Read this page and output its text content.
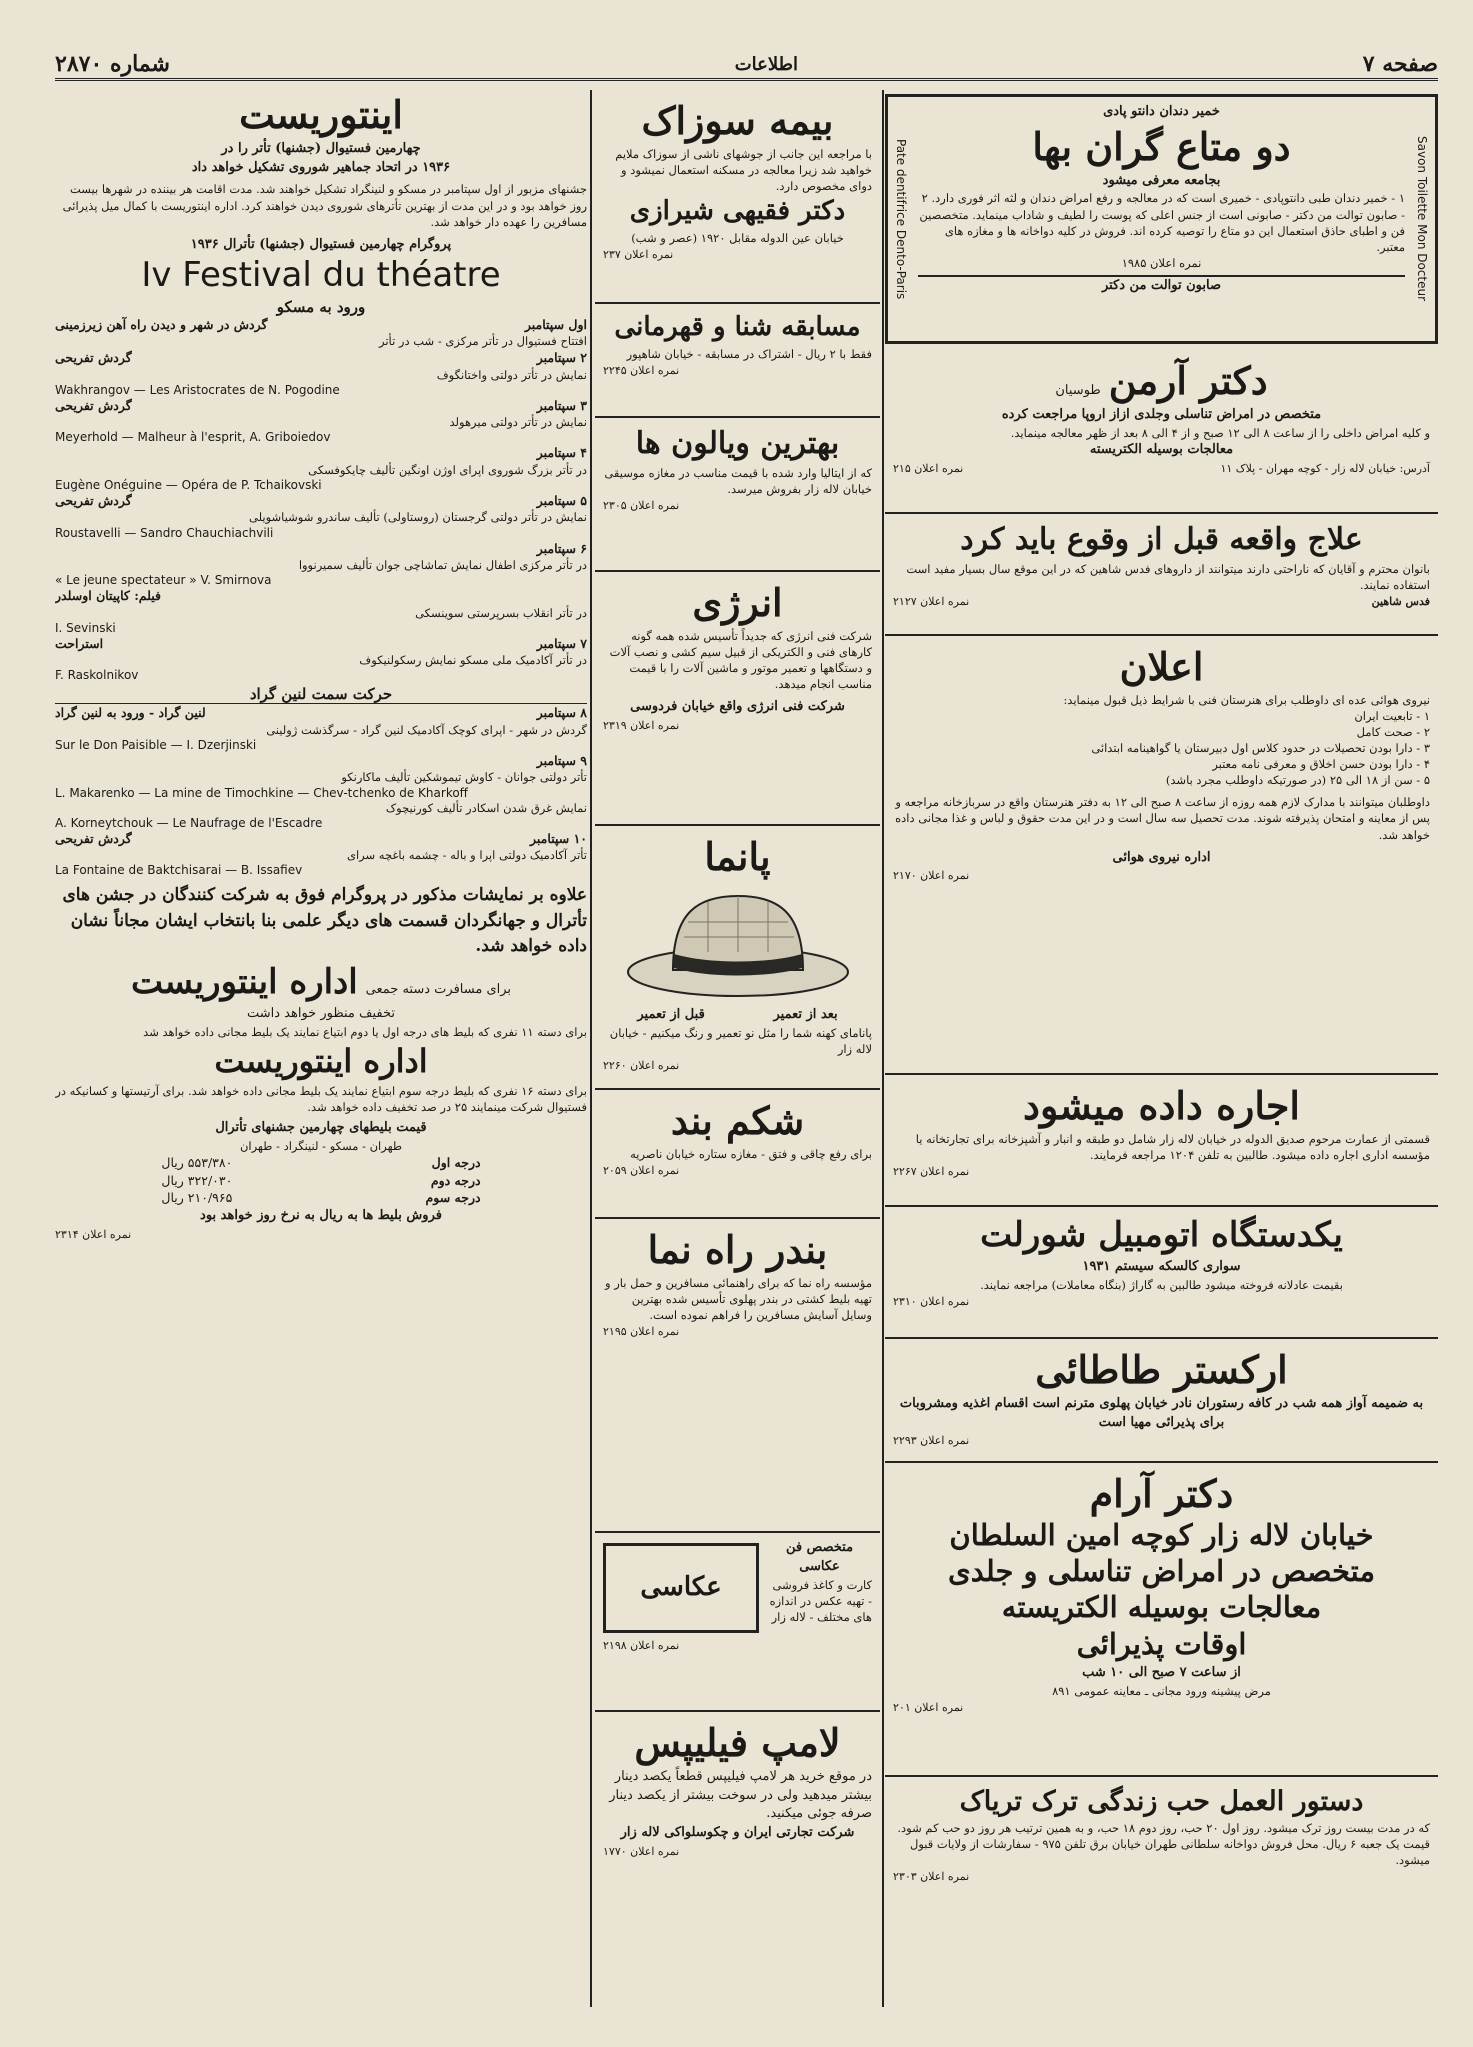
صفحه ۷
اطلاعات
شماره ۲۸۷۰
Savon Toilette Mon Docteur
Pate dentifrice Dento-Paris
خمیر دندان دانتو پادی
دو متاع گران بها
بجامعه معرفی میشود
۱ - خمیر دندان طبی دانتوپادی - خمیری است که در معالجه و رفع امراض دندان و لثه اثر فوری دارد. ۲ - صابون توالت من دکتر - صابونی است از جنس اعلی که پوست را لطیف و شاداب مینماید. متخصصین فن و اطبای حاذق استعمال این دو متاع را توصیه کرده اند. فروش در کلیه دواخانه ها و مغازه های معتبر.
نمره اعلان ۱۹۸۵
صابون توالت من دکتر
دکتر آرمن
طوسیان
متخصص در امراض تناسلی وجلدی ازاز اروپا مراجعت کرده
و کلیه امراض داخلی را از ساعت ۸ الی ۱۲ صبح و از ۴ الی ۸ بعد از ظهر معالجه مینماید.
معالجات بوسیله الکتریسته
آدرس: خیابان لاله زار - کوچه مهران - پلاک ۱۱
نمره اعلان ۲۱۵
علاج واقعه قبل از وقوع باید کرد
بانوان محترم و آقایان که ناراحتی دارند میتوانند از داروهای فدس شاهین که در این موقع سال بسیار مفید است استفاده نمایند.
فدس شاهین
نمره اعلان ۲۱۲۷
اعلان
نیروی هوائی عده ای داوطلب برای هنرستان فنی با شرایط ذیل قبول مینماید:
۱ - تابعیت ایران
۲ - صحت کامل
۳ - دارا بودن تحصیلات در حدود کلاس اول دبیرستان یا گواهینامه ابتدائی
۴ - دارا بودن حسن اخلاق و معرفی نامه معتبر
۵ - سن از ۱۸ الی ۲۵ (در صورتیکه داوطلب مجرد باشد)
داوطلبان میتوانند با مدارک لازم همه روزه از ساعت ۸ صبح الی ۱۲ به دفتر هنرستان واقع در سربازخانه مراجعه و پس از معاینه و امتحان پذیرفته شوند. مدت تحصیل سه سال است و در این مدت حقوق و لباس و غذا مجانی داده خواهد شد.
اداره نیروی هوائی
نمره اعلان ۲۱۷۰
اجاره داده میشود
قسمتی از عمارت مرحوم صدیق الدوله در خیابان لاله زار شامل دو طبقه و انبار و آشپزخانه برای تجارتخانه یا مؤسسه اداری اجاره داده میشود. طالبین به تلفن ۱۲۰۴ مراجعه فرمایند.
نمره اعلان ۲۲۶۷
یکدستگاه اتومبیل شورلت
سواری کالسکه سیستم ۱۹۳۱
بقیمت عادلانه فروخته میشود طالبین به گاراژ (بنگاه معاملات) مراجعه نمایند.
نمره اعلان ۲۳۱۰
ارکستر طاطائی
به ضمیمه آواز همه شب در کافه رستوران نادر خیابان پهلوی مترنم است اقسام اغذیه ومشروبات برای پذیرائی مهیا است
نمره اعلان ۲۲۹۳
دکتر آرام
خیابان لاله زار کوچه امین السلطان
متخصص در امراض تناسلی و جلدی
معالجات بوسیله الکتریسته
اوقات پذیرائی
از ساعت ۷ صبح الی ۱۰ شب
مرض پیشینه ورود مجانی ـ معاینه عمومی ۸۹۱
نمره اعلان ۲۰۱
دستور العمل حب زندگی ترک تریاک
که در مدت بیست روز ترک میشود. روز اول ۲۰ حب، روز دوم ۱۸ حب، و به همین ترتیب هر روز دو حب کم شود. قیمت یک جعبه ۶ ریال. محل فروش دواخانه سلطانی طهران خیابان برق تلفن ۹۷۵ - سفارشات از ولایات قبول میشود.
نمره اعلان ۲۳۰۳
بیمه سوزاک
با مراجعه این جانب از جوشهای ناشی از سوزاک ملایم خواهید شد زیرا معالجه در مسکنه استعمال نمیشود و دوای مخصوص دارد.
دکتر فقیهی شیرازی
خیابان عین الدوله مقابل ۱۹۲۰ (عصر و شب)
نمره اعلان ۲۳۷
مسابقه شنا و قهرمانی
فقط با ۲ ریال - اشتراک در مسابقه - خیابان شاهپور
نمره اعلان ۲۲۴۵
بهترین ویالون ها
که از ایتالیا وارد شده با قیمت مناسب در مغازه موسیقی خیابان لاله زار بفروش میرسد.
نمره اعلان ۲۳۰۵
انرژی
شرکت فنی انرژی که جدیداً تأسیس شده همه گونه کارهای فنی و الکتریکی از قبیل سیم کشی و نصب آلات و دستگاهها و تعمیر موتور و ماشین آلات را با قیمت مناسب انجام میدهد.
شرکت فنی انرژی واقع خیابان فردوسی
نمره اعلان ۲۳۱۹
پانما
بعد از تعمیر
قبل از تعمیر
پانامای کهنه شما را مثل نو تعمیر و رنگ میکنیم - خیابان لاله زار
نمره اعلان ۲۲۶۰
شکم بند
برای رفع چاقی و فتق - مغازه ستاره خیابان ناصریه
نمره اعلان ۲۰۵۹
بندر راه نما
مؤسسه راه نما که برای راهنمائی مسافرین و حمل بار و تهیه بلیط کشتی در بندر پهلوی تأسیس شده بهترین وسایل آسایش مسافرین را فراهم نموده است.
نمره اعلان ۲۱۹۵
متخصص فن عکاسی
کارت و کاغذ فروشی - تهیه عکس در اندازه های مختلف - لاله زار
عکاسی
نمره اعلان ۲۱۹۸
لامپ فیلیپس
در موقع خرید هر لامپ فیلیپس قطعاً یکصد دینار بیشتر میدهید ولی در سوخت بیشتر از یکصد دینار صرفه جوئی میکنید.
شرکت تجارتی ایران و چکوسلواکی لاله زار
نمره اعلان ۱۷۷۰
اینتوریست
چهارمین فستیوال (جشنها) تأتر را در
۱۹۳۶ در اتحاد جماهیر شوروی تشکیل خواهد داد
جشنهای مزبور از اول سپتامبر در مسکو و لنینگراد تشکیل خواهند شد. مدت اقامت هر بیننده در شهرها بیست روز خواهد بود و در این مدت از بهترین تأترهای شوروی دیدن خواهند کرد. اداره اینتوریست با کمال میل پذیرائی مسافرین را عهده دار خواهد شد.
پروگرام چهارمین فستیوال (جشنها) تأترال ۱۹۳۶
Iv Festival du théatre
ورود به مسکو
اول سپتامبر
گردش در شهر و دیدن راه آهن زیرزمینی
افتتاح فستیوال در تأتر مرکزی - شب در تأتر
۲ سپتامبر
گردش تفریحی
نمایش در تأتر دولتی واختانگوف
Wakhrangov — Les Aristocrates de N. Pogodine
۳ سپتامبر
گردش تفریحی
نمایش در تأتر دولتی میرهولد
Meyerhold — Malheur à l'esprit, A. Griboiedov
۴ سپتامبر
در تأتر بزرگ شوروی اپرای اوژن اونگین تألیف چایکوفسکی
Eugène Onéguine — Opéra de P. Tchaikovski
۵ سپتامبر
گردش تفریحی
نمایش در تأتر دولتی گرجستان (روستاولی) تألیف ساندرو شوشیاشویلی
Roustavelli — Sandro Chauchiachvili
۶ سپتامبر
در تأتر مرکزی اطفال نمایش تماشاچی جوان تألیف سمیرنووا
« Le jeune spectateur » V. Smirnova
فیلم: کاپیتان اوسلدر
در تأتر انقلاب بسرپرستی سوینسکی
I. Sevinski
۷ سپتامبر
استراحت
در تأتر آکادمیک ملی مسکو نمایش رسکولنیکوف
F. Raskolnikov
حرکت سمت لنین گراد
۸ سپتامبر
لنین گراد - ورود به لنین گراد
گردش در شهر - اپرای کوچک آکادمیک لنین گراد - سرگذشت ژولینی
Sur le Don Paisible — I. Dzerjinski
۹ سپتامبر
تأتر دولتی جوانان - کاوش تیموشکین تألیف ماکارنکو
L. Makarenko — La mine de Timochkine — Chev-tchenko de Kharkoff
نمایش غرق شدن اسکادر تألیف کورنیچوک
A. Korneytchouk — Le Naufrage de l'Escadre
۱۰ سپتامبر
گردش تفریحی
تأتر آکادمیک دولتی اپرا و باله - چشمه باغچه سرای
La Fontaine de Baktchisarai — B. Issafiev
علاوه بر نمایشات مذکور در پروگرام فوق به شرکت کنندگان در جشن های تأترال و جهانگردان قسمت های دیگر علمی بنا بانتخاب ایشان مجاناً نشان داده خواهد شد.
برای مسافرت دسته جمعی
اداره اینتوریست
تخفیف منظور خواهد داشت
برای دسته ۱۱ نفری که بلیط های درجه اول یا دوم ابتیاع نمایند یک بلیط مجانی داده خواهد شد
اداره اینتوریست
برای دسته ۱۶ نفری که بلیط درجه سوم ابتیاع نمایند یک بلیط مجانی داده خواهد شد. برای آرتیستها و کسانیکه در فستیوال شرکت مینمایند ۲۵ در صد تخفیف داده خواهد شد.
قیمت بلیطهای چهارمین جشنهای تأترال
طهران - مسکو - لنینگراد - طهران
درجه اول
۵۵۳/۳۸۰ ریال
درجه دوم
۳۲۲/۰۳۰ ریال
درجه سوم
۲۱۰/۹۶۵ ریال
فروش بلیط ها به ریال به نرخ روز خواهد بود
نمره اعلان ۲۳۱۴
